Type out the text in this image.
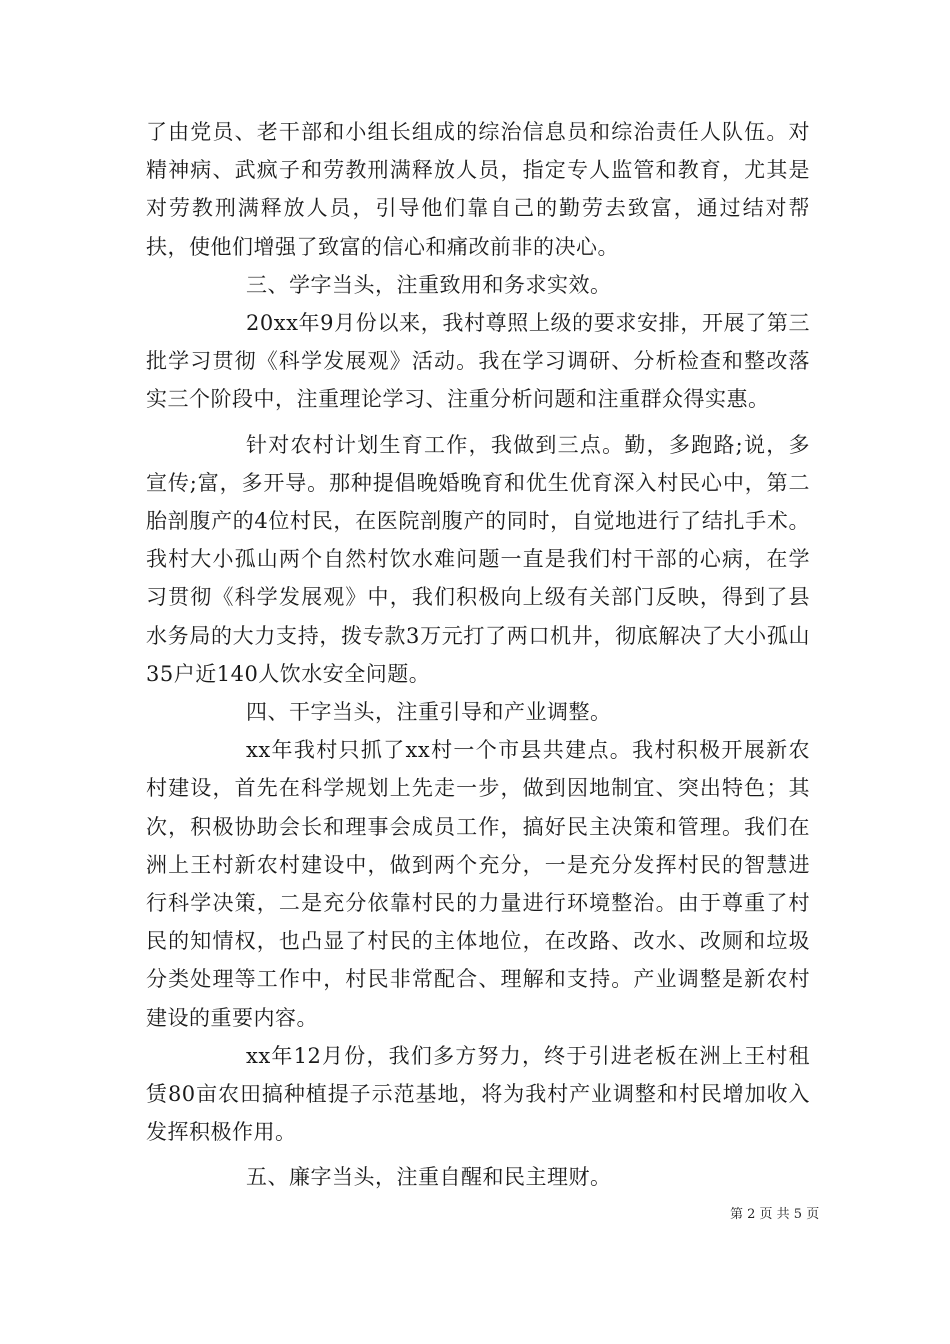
了由党员、老干部和小组长组成的综治信息员和综治责任人队伍。对精神病、武疯子和劳教刑满释放人员，指定专人监管和教育，尤其是对劳教刑满释放人员，引导他们靠自己的勤劳去致富，通过结对帮扶，使他们增强了致富的信心和痛改前非的决心。

三、学字当头，注重致用和务求实效。

20xx年9月份以来，我村尊照上级的要求安排，开展了第三批学习贯彻《科学发展观》活动。我在学习调研、分析检查和整改落实三个阶段中，注重理论学习、注重分析问题和注重群众得实惠。

针对农村计划生育工作，我做到三点。勤，多跑路;说，多宣传;富，多开导。那种提倡晚婚晚育和优生优育深入村民心中，第二胎剖腹产的4位村民，在医院剖腹产的同时，自觉地进行了结扎手术。我村大小孤山两个自然村饮水难问题一直是我们村干部的心病，在学习贯彻《科学发展观》中，我们积极向上级有关部门反映，得到了县水务局的大力支持，拨专款3万元打了两口机井，彻底解决了大小孤山35户近140人饮水安全问题。

四、干字当头，注重引导和产业调整。

xx年我村只抓了xx村一个市县共建点。我村积极开展新农村建设，首先在科学规划上先走一步，做到因地制宜、突出特色；其次，积极协助会长和理事会成员工作，搞好民主决策和管理。我们在洲上王村新农村建设中，做到两个充分，一是充分发挥村民的智慧进行科学决策，二是充分依靠村民的力量进行环境整治。由于尊重了村民的知情权，也凸显了村民的主体地位，在改路、改水、改厕和垃圾分类处理等工作中，村民非常配合、理解和支持。产业调整是新农村建设的重要内容。

xx年12月份，我们多方努力，终于引进老板在洲上王村租赁80亩农田搞种植提子示范基地，将为我村产业调整和村民增加收入发挥积极作用。

五、廉字当头，注重自醒和民主理财。

第 2 页 共 5 页
